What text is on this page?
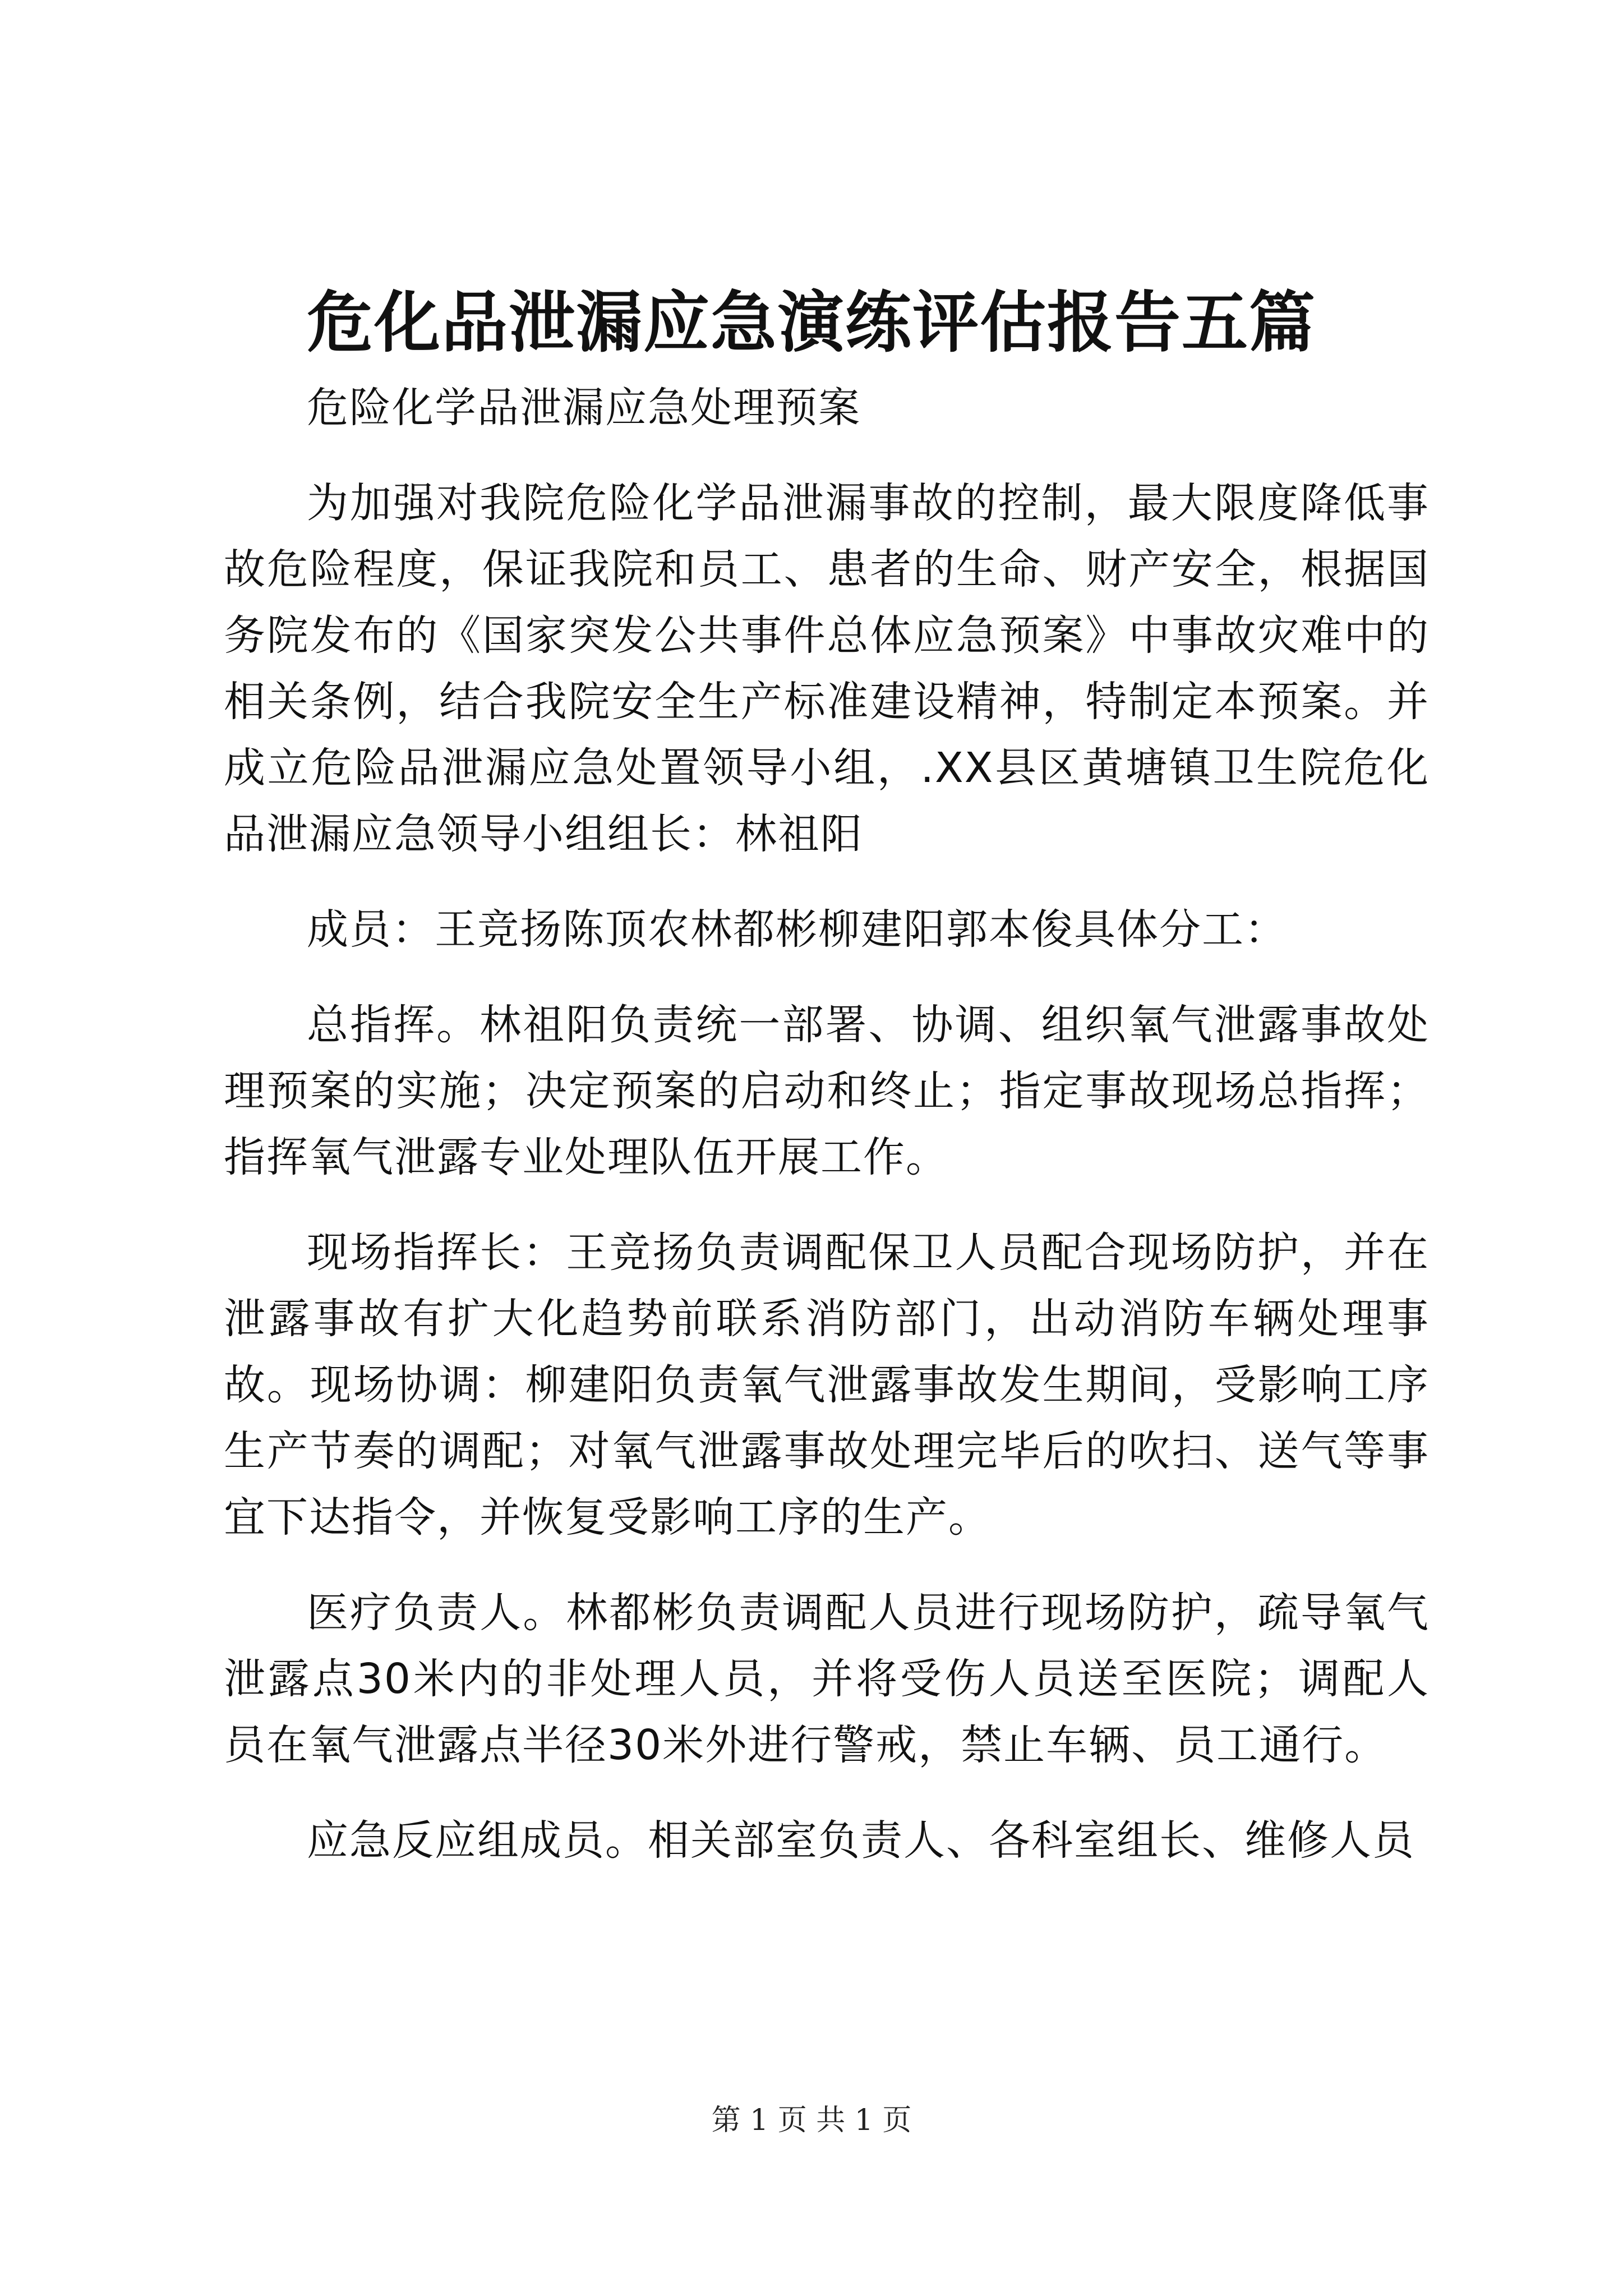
危化品泄漏应急演练评估报告五篇

危险化学品泄漏应急处理预案

为加强对我院危险化学品泄漏事故的控制，最大限度降低事故危险程度，保证我院和员工、患者的生命、财产安全，根据国务院发布的《国家突发公共事件总体应急预案》中事故灾难中的相关条例，结合我院安全生产标准建设精神，特制定本预案。并成立危险品泄漏应急处置领导小组，.XX县区黄塘镇卫生院危化品泄漏应急领导小组组长：林祖阳

成员：王竞扬陈顶农林都彬柳建阳郭本俊具体分工：

总指挥。林祖阳负责统一部署、协调、组织氧气泄露事故处理预案的实施；决定预案的启动和终止；指定事故现场总指挥；指挥氧气泄露专业处理队伍开展工作。

现场指挥长：王竞扬负责调配保卫人员配合现场防护，并在泄露事故有扩大化趋势前联系消防部门，出动消防车辆处理事故。现场协调：柳建阳负责氧气泄露事故发生期间，受影响工序生产节奏的调配；对氧气泄露事故处理完毕后的吹扫、送气等事宜下达指令，并恢复受影响工序的生产。

医疗负责人。林都彬负责调配人员进行现场防护，疏导氧气泄露点30米内的非处理人员，并将受伤人员送至医院；调配人员在氧气泄露点半径30米外进行警戒，禁止车辆、员工通行。

应急反应组成员。相关部室负责人、各科室组长、维修人员

第 1 页 共 1 页
